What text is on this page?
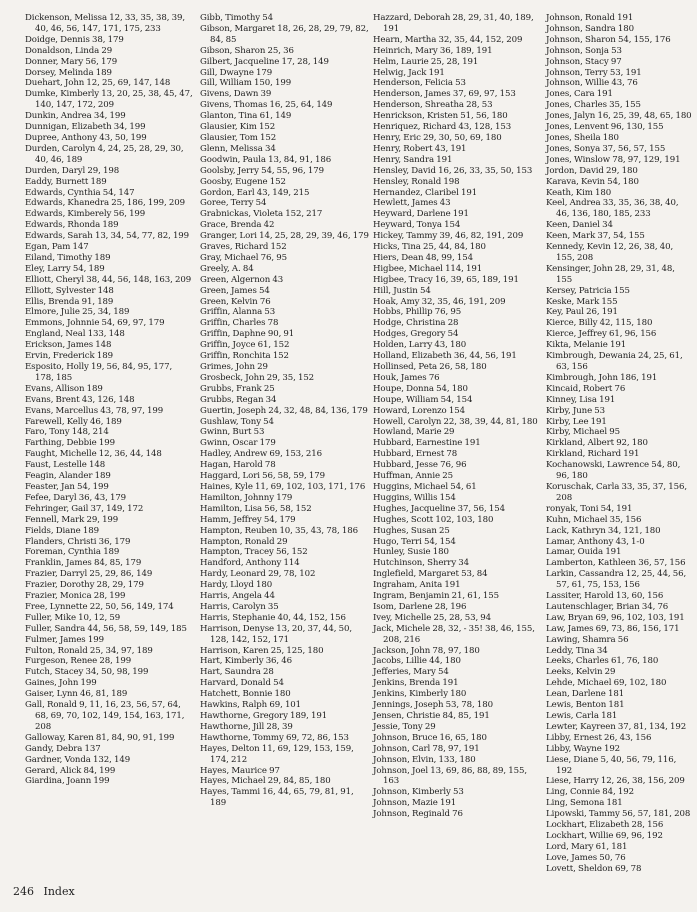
Dickenson, Melissa 12, 33, 35, 38, 39, 40, 46, 56, 147, 171, 175, 233
Doidge, Dennis 38, 179
Donaldson, Linda 29
Donner, Mary 56, 179
Dorsey, Melinda 189
Duehart, John 12, 25, 69, 147, 148
Dumke, Kimberly 13, 20, 25, 38, 45, 47, 140, 147, 172, 209
Dunkin, Andrea 34, 199
Dunnigan, Elizabeth 34, 199
Dupree, Anthony 43, 50, 199
Durden, Carolyn 4, 24, 25, 28, 29, 30, 40, 46, 189
Durden, Daryl 29, 198
Eaddy, Burnett 189
Edwards, Cynthia 54, 147
Edwards, Khanedra 25, 186, 199, 209
Edwards, Kimberely 56, 199
Edwards, Rhonda 189
Edwards, Sarah 13, 34, 54, 77, 82, 199
Egan, Pam 147
Eiland, Timothy 189
Eley, Larry 54, 189
Elliott, Cheryl 38, 44, 56, 148, 163, 209
Elliott, Sylvester 148
Ellis, Brenda 91, 189
Elmore, Julie 25, 34, 189
Emmons, Johnnie 54, 69, 97, 179
England, Neal 133, 148
Erickson, James 148
Ervin, Frederick 189
Esposito, Holly 19, 56, 84, 95, 177, 178, 185
Evans, Allison 189
Evans, Brent 43, 126, 148
Evans, Marcellus 43, 78, 97, 199
Farewell, Kelly 46, 189
Faro, Tony 148, 214
Farthing, Debbie 199
Faught, Michelle 12, 36, 44, 148
Faust, Lestelle 148
Feagin, Alander 189
Feaster, Jan 54, 199
Fefee, Daryl 36, 43, 179
Fehringer, Gail 37, 149, 172
Fennell, Mark 29, 199
Fields, Diane 189
Flanders, Christi 36, 179
Foreman, Cynthia 189
Franklin, James 84, 85, 179
Frazier, Darryl 25, 29, 86, 149
Frazier, Dorothy 28, 29, 179
Frazier, Monica 28, 199
Free, Lynnette 22, 50, 56, 149, 174
Fuller, Mike 10, 12, 59
Fuller, Sandra 44, 56, 58, 59, 149, 185
Fulmer, James 199
Fulton, Ronald 25, 34, 97, 189
Furgeson, Renee 28, 199
Futch, Stacey 34, 50, 98, 199
Gaines, John 199
Gaiser, Lynn 46, 81, 189
Gall, Ronald 9, 11, 16, 23, 56, 57, 64, 68, 69, 70, 102, 149, 154, 163, 171, 208
Galloway, Karen 81, 84, 90, 91, 199
Gandy, Debra 137
Gardner, Vonda 132, 149
Gerard, Alick 84, 199
Giardina, Joann 199
Gibb, Timothy 54
Gibson, Margaret 18, 26, 28, 29, 79, 82, 84, 85
Gibson, Sharon 25, 36
Gilbert, Jacqueline 17, 28, 149
Gill, Dwayne 179
Gill, William 150, 199
Givens, Dawn 39
Givens, Thomas 16, 25, 64, 149
Glanton, Tina 61, 149
Glausier, Kim 152
Glausier, Tom 152
Glenn, Melissa 34
Goodwin, Paula 13, 84, 91, 186
Goolsby, Jerry 54, 55, 96, 179
Goosby, Eugene 152
Gordon, Earl 43, 149, 215
Goree, Terry 54
Grabnickas, Violeta 152, 217
Grace, Brenda 42
Granger, Lori 14, 25, 28, 29, 39, 46, 179
Graves, Richard 152
Gray, Michael 76, 95
Greely, A. 84
Green, Algernon 43
Green, James 54
Green, Kelvin 76
Griffin, Alanna 53
Griffin, Charles 78
Griffin, Daphne 90, 91
Griffin, Joyce 61, 152
Griffin, Ronchita 152
Grimes, John 29
Grosbeck, John 29, 35, 152
Grubbs, Frank 25
Grubbs, Regan 34
Guertin, Joseph 24, 32, 48, 84, 136, 179
Gushlaw, Tony 54
Gwinn, Burt 53
Gwinn, Oscar 179
Hadley, Andrew 69, 153, 216
Hagan, Harold 78
Haggard, Lori 56, 58, 59, 179
Haines, Kyle 11, 69, 102, 103, 171, 176
Hamilton, Johnny 179
Hamilton, Lisa 56, 58, 152
Hamm, Jeffrey 54, 179
Hampton, Reuben 10, 35, 43, 78, 186
Hampton, Ronald 29
Hampton, Tracey 56, 152
Handford, Anthony 114
Hardy, Leonard 29, 78, 102
Hardy, Lloyd 180
Harris, Angela 44
Harris, Carolyn 35
Harris, Stephanie 40, 44, 152, 156
Harrison, Denyse 13, 20, 37, 44, 50, 128, 142, 152, 171
Harrison, Karen 25, 125, 180
Hart, Kimberly 36, 46
Hart, Saundra 28
Harvard, Donald 54
Hatchett, Bonnie 180
Hawkins, Ralph 69, 101
Hawthorne, Gregory 189, 191
Hawthorne, Jill 28, 39
Hawthorne, Tommy 69, 72, 86, 153
Hayes, Delton 11, 69, 129, 153, 159, 174, 212
Hayes, Maurice 97
Hayes, Michael 29, 84, 85, 180
Hayes, Tammi 16, 44, 65, 79, 81, 91, 189
Hazzard, Deborah 28, 29, 31, 40, 189, 191
Hearn, Martha 32, 35, 44, 152, 209
Heinrich, Mary 36, 189, 191
Helm, Laurie 25, 28, 191
Helwig, Jack 191
Henderson, Felicia 53
Henderson, James 37, 69, 97, 153
Henderson, Shreatha 28, 53
Henrickson, Kristen 51, 56, 180
Henriquez, Richard 43, 128, 153
Henry, Eric 29, 30, 50, 69, 180
Henry, Robert 43, 191
Henry, Sandra 191
Hensley, David 16, 26, 33, 35, 50, 153
Hensley, Ronald 198
Hernandez, Claribel 191
Hewlett, James 43
Heyward, Darlene 191
Heyward, Tonya 154
Hickey, Tammy 39, 46, 82, 191, 209
Hicks, Tina 25, 44, 84, 180
Hiers, Dean 48, 99, 154
Higbee, Michael 114, 191
Higbee, Tracy 16, 39, 65, 189, 191
Hill, Justin 54
Hoak, Amy 32, 35, 46, 191, 209
Hobbs, Phillip 76, 95
Hodge, Christina 28
Hodges, Gregory 54
Holden, Larry 43, 180
Holland, Elizabeth 36, 44, 56, 191
Hollinsed, Peta 26, 58, 180
Houk, James 76
Houpe, Donna 54, 180
Houpe, William 54, 154
Howard, Lorenzo 154
Howell, Carolyn 22, 38, 39, 44, 81, 180
Howland, Marie 29
Hubbard, Earnestine 191
Hubbard, Ernest 78
Hubbard, Jesse 76, 96
Huffman, Annie 25
Huggins, Michael 54, 61
Huggins, Willis 154
Hughes, Jacqueline 37, 56, 154
Hughes, Scott 102, 103, 180
Hughes, Susan 25
Hugo, Terri 54, 154
Hunley, Susie 180
Hutchinson, Sherry 34
Inglefield, Margaret 53, 84
Ingraham, Anita 191
Ingram, Benjamin 21, 61, 155
Isom, Darlene 28, 196
Ivey, Michelle 25, 28, 53, 94
Jack, Michele 28, 32, - 35! 38, 46, 155, 208, 216
Jackson, John 78, 97, 180
Jacobs, Lillie 44, 180
Jefferies, Mary 54
Jenkins, Brenda 191
Jenkins, Kimberly 180
Jennings, Joseph 53, 78, 180
Jensen, Christie 84, 85, 191
Jessie, Tony 29
Johnson, Bruce 16, 65, 180
Johnson, Carl 78, 97, 191
Johnson, Elvin, 133, 180
Johnson, Joel 13, 69, 86, 88, 89, 155, 163
Johnson, Kimberly 53
Johnson, Mazie 191
Johnson, Reginald 76
Johnson, Ronald 191
Johnson, Sandra 180
Johnson, Sharon 54, 155, 176
Johnson, Sonja 53
Johnson, Stacy 97
Johnson, Terry 53, 191
Johnson, Willie 43, 76
Jones, Cara 191
Jones, Charles 35, 155
Jones, Jalyn 16, 25, 39, 48, 65, 180
Jones, Lenvent 96, 130, 155
Jones, Sheila 180
Jones, Sonya 37, 56, 57, 155
Jones, Winslow 78, 97, 129, 191
Jordon, David 29, 180
Karava, Kevin 54, 180
Keath, Kim 180
Keel, Andrea 33, 35, 36, 38, 40, 46, 136, 180, 185, 233
Keen, Daniel 34
Keen, Mark 37, 54, 155
Kennedy, Kevin 12, 26, 38, 40, 155, 208
Kensinger, John 28, 29, 31, 48, 155
Kersey, Patricia 155
Keske, Mark 155
Key, Paul 26, 191
Kierce, Billy 42, 115, 180
Kierce, Jeffrey 61, 96, 156
Kikta, Melanie 191
Kimbrough, Dewania 24, 25, 61, 63, 156
Kimbrough, John 186, 191
Kincaid, Robert 76
Kinney, Lisa 191
Kirby, June 53
Kirby, Lee 191
Kirby, Michael 95
Kirkland, Albert 92, 180
Kirkland, Richard 191
Kochanowski, Lawrence 54, 80, 96, 180
Koruschak, Carla 33, 35, 37, 156, 208
ronyak, Toni 54, 191
Kuhn, Michael 35, 156
Lack, Kathryn 34, 121, 180
Lamar, Anthony 43, 1-0
Lamar, Ouida 191
Lamberton, Kathleen 36, 57, 156
Larkin, Cassandra 12, 25, 44, 56, 57, 61, 75, 153, 156
Lassiter, Harold 13, 60, 156
Lautenschlager, Brian 34, 76
Law, Bryan 69, 96, 102, 103, 191
Law, James 69, 73, 86, 156, 171
Lawing, Shamra 56
Leddy, Tina 34
Leeks, Charles 61, 76, 180
Leeks, Kelvin 29
Lehde, Michael 69, 102, 180
Lean, Darlene 181
Lewis, Benton 181
Lewis, Carla 181
Lewter, Kayreen 37, 81, 134, 192
Libby, Ernest 26, 43, 156
Libby, Wayne 192
Liese, Diane 5, 40, 56, 79, 116, 192
Liese, Harry 12, 26, 38, 156, 209
Ling, Connie 84, 192
Ling, Semona 181
Lipowski, Tammy 56, 57, 181, 208
Lockhart, Elizabeth 28, 156
Lockhart, Willie 69, 96, 192
Lord, Mary 61, 181
Love, James 50, 76
Lovett, Sheldon 69, 78
246 Index
